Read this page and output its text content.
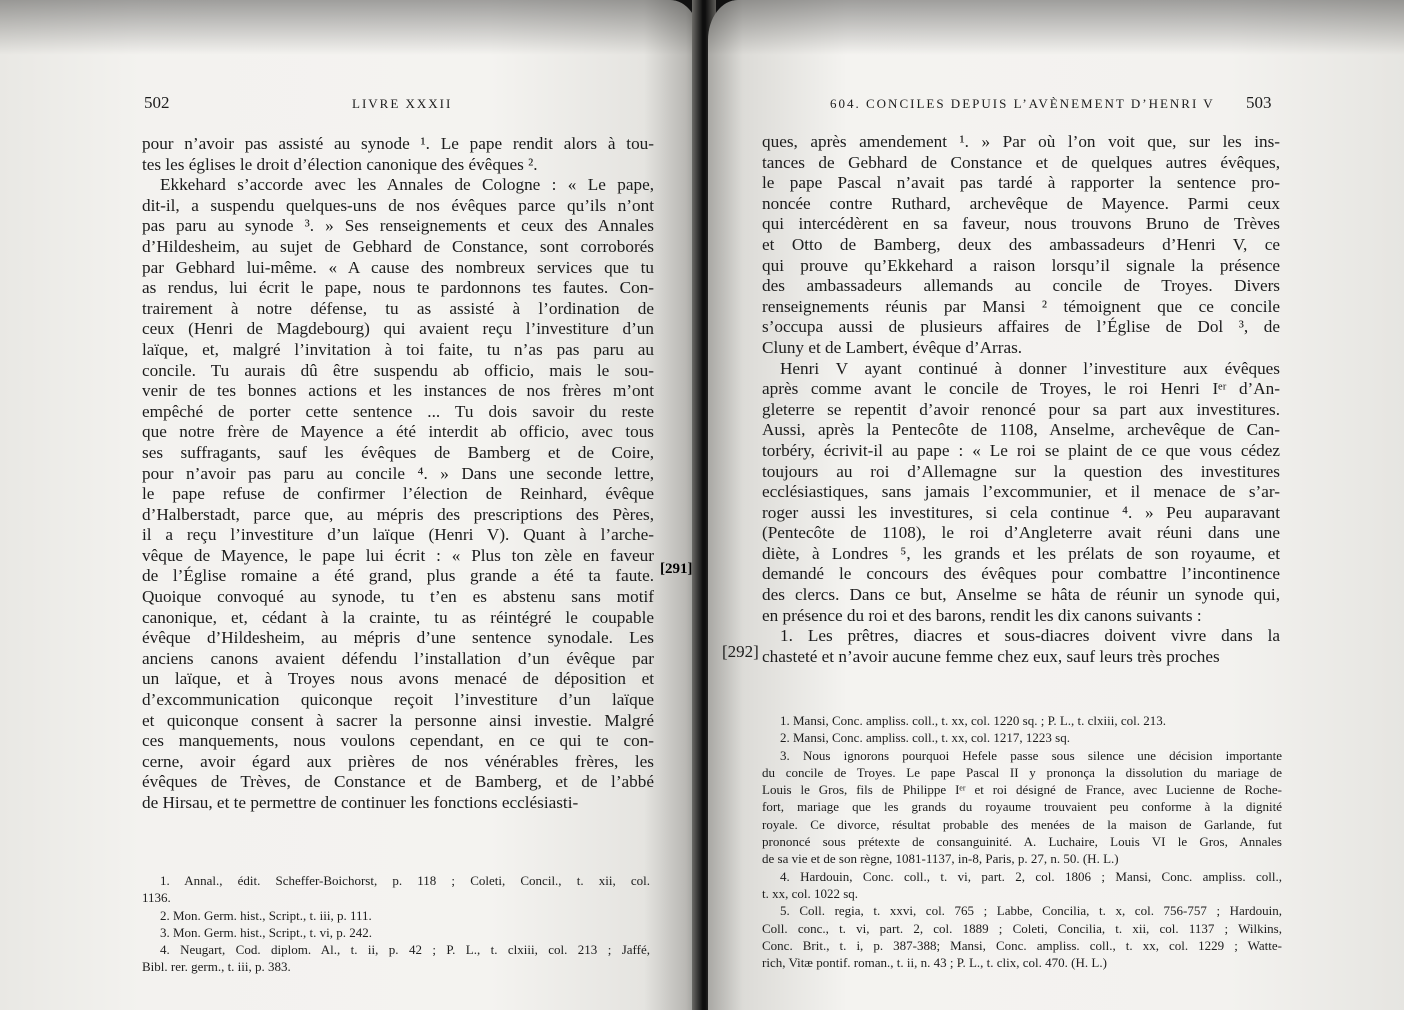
502	LIVRE XXXII
pour n’avoir pas assisté au synode ¹. Le pape rendit alors à tou-
tes les églises le droit d’élection canonique des évêques ².
Ekkehard s’accorde avec les Annales de Cologne : « Le pape,
dit-il, a suspendu quelques-uns de nos évêques parce qu’ils n’ont
pas paru au synode ³. » Ses renseignements et ceux des Annales
d’Hildesheim, au sujet de Gebhard de Constance, sont corroborés
par Gebhard lui-même. « A cause des nombreux services que tu
as rendus, lui écrit le pape, nous te pardonnons tes fautes. Con-
trairement à notre défense, tu as assisté à l’ordination de
ceux (Henri de Magdebourg) qui avaient reçu l’investiture d’un
laïque, et, malgré l’invitation à toi faite, tu n’as pas paru au
concile. Tu aurais dû être suspendu ab officio, mais le sou-
venir de tes bonnes actions et les instances de nos frères m’ont
empêché de porter cette sentence ... Tu dois savoir du reste
que notre frère de Mayence a été interdit ab officio, avec tous
ses suffragants, sauf les évêques de Bamberg et de Coire,
pour n’avoir pas paru au concile ⁴. » Dans une seconde lettre,
le pape refuse de confirmer l’élection de Reinhard, évêque
d’Halberstadt, parce que, au mépris des prescriptions des Pères,
il a reçu l’investiture d’un laïque (Henri V). Quant à l’arche-
vêque de Mayence, le pape lui écrit : « Plus ton zèle en faveur
de l’Église romaine a été grand, plus grande a été ta faute.
Quoique convoqué au synode, tu t’en es abstenu sans motif
canonique, et, cédant à la crainte, tu as réintégré le coupable
évêque d’Hildesheim, au mépris d’une sentence synodale. Les
anciens canons avaient défendu l’installation d’un évêque par
un laïque, et à Troyes nous avons menacé de déposition et
d’excommunication quiconque reçoit l’investiture d’un laïque
et quiconque consent à sacrer la personne ainsi investie. Malgré
ces manquements, nous voulons cependant, en ce qui te con-
cerne, avoir égard aux prières de nos vénérables frères, les
évêques de Trèves, de Constance et de Bamberg, et de l’abbé
de Hirsau, et te permettre de continuer les fonctions ecclésiasti-
1. Annal., édit. Scheffer-Boichorst, p. 118 ; Coleti, Concil., t. xii, col.
1136.
2. Mon. Germ. hist., Script., t. iii, p. 111.
3. Mon. Germ. hist., Script., t. vi, p. 242.
4. Neugart, Cod. diplom. Al., t. ii, p. 42 ; P. L., t. clxiii, col. 213 ; Jaffé,
Bibl. rer. germ., t. iii, p. 383.
604. CONCILES DEPUIS L’AVÈNEMENT D’HENRI V 503
ques, après amendement ¹. » Par où l’on voit que, sur les ins-
tances de Gebhard de Constance et de quelques autres évêques,
le pape Pascal n’avait pas tardé à rapporter la sentence pro-
noncée contre Ruthard, archevêque de Mayence. Parmi ceux
qui intercédèrent en sa faveur, nous trouvons Bruno de Trèves
et Otto de Bamberg, deux des ambassadeurs d’Henri V, ce
qui prouve qu’Ekkehard a raison lorsqu’il signale la présence
des ambassadeurs allemands au concile de Troyes. Divers
renseignements réunis par Mansi ² témoignent que ce concile
s’occupa aussi de plusieurs affaires de l’Église de Dol ³, de
Cluny et de Lambert, évêque d’Arras.
Henri V ayant continué à donner l’investiture aux évêques
après comme avant le concile de Troyes, le roi Henri Iᵉʳ d’An-
gleterre se repentit d’avoir renoncé pour sa part aux investitures.
Aussi, après la Pentecôte de 1108, Anselme, archevêque de Can-
torbéry, écrivit-il au pape : « Le roi se plaint de ce que vous cédez
toujours au roi d’Allemagne sur la question des investitures
ecclésiastiques, sans jamais l’excommunier, et il menace de s’ar-
roger aussi les investitures, si cela continue ⁴. » Peu auparavant
(Pentecôte de 1108), le roi d’Angleterre avait réuni dans une
diète, à Londres ⁵, les grands et les prélats de son royaume, et
demandé le concours des évêques pour combattre l’incontinence
des clercs. Dans ce but, Anselme se hâta de réunir un synode qui,
en présence du roi et des barons, rendit les dix canons suivants :
1. Les prêtres, diacres et sous-diacres doivent vivre dans la
chasteté et n’avoir aucune femme chez eux, sauf leurs très proches
1. Mansi, Conc. ampliss. coll., t. xx, col. 1220 sq. ; P. L., t. clxiii, col. 213.
2. Mansi, Conc. ampliss. coll., t. xx, col. 1217, 1223 sq.
3. Nous ignorons pourquoi Hefele passe sous silence une décision importante
du concile de Troyes. Le pape Pascal II y prononça la dissolution du mariage de
Louis le Gros, fils de Philippe Iᵉʳ et roi désigné de France, avec Lucienne de Roche-
fort, mariage que les grands du royaume trouvaient peu conforme à la dignité
royale. Ce divorce, résultat probable des menées de la maison de Garlande, fut
prononcé sous prétexte de consanguinité. A. Luchaire, Louis VI le Gros, Annales
de sa vie et de son règne, 1081-1137, in-8, Paris, p. 27, n. 50. (H. L.)
4. Hardouin, Conc. coll., t. vi, part. 2, col. 1806 ; Mansi, Conc. ampliss. coll.,
t. xx, col. 1022 sq.
5. Coll. regia, t. xxvi, col. 765 ; Labbe, Concilia, t. x, col. 756-757 ; Hardouin,
Coll. conc., t. vi, part. 2, col. 1889 ; Coleti, Concilia, t. xii, col. 1137 ; Wilkins,
Conc. Brit., t. i, p. 387-388; Mansi, Conc. ampliss. coll., t. xx, col. 1229 ; Watte-
rich, Vitæ pontif. roman., t. ii, n. 43 ; P. L., t. clix, col. 470. (H. L.)
[292]
[291]
